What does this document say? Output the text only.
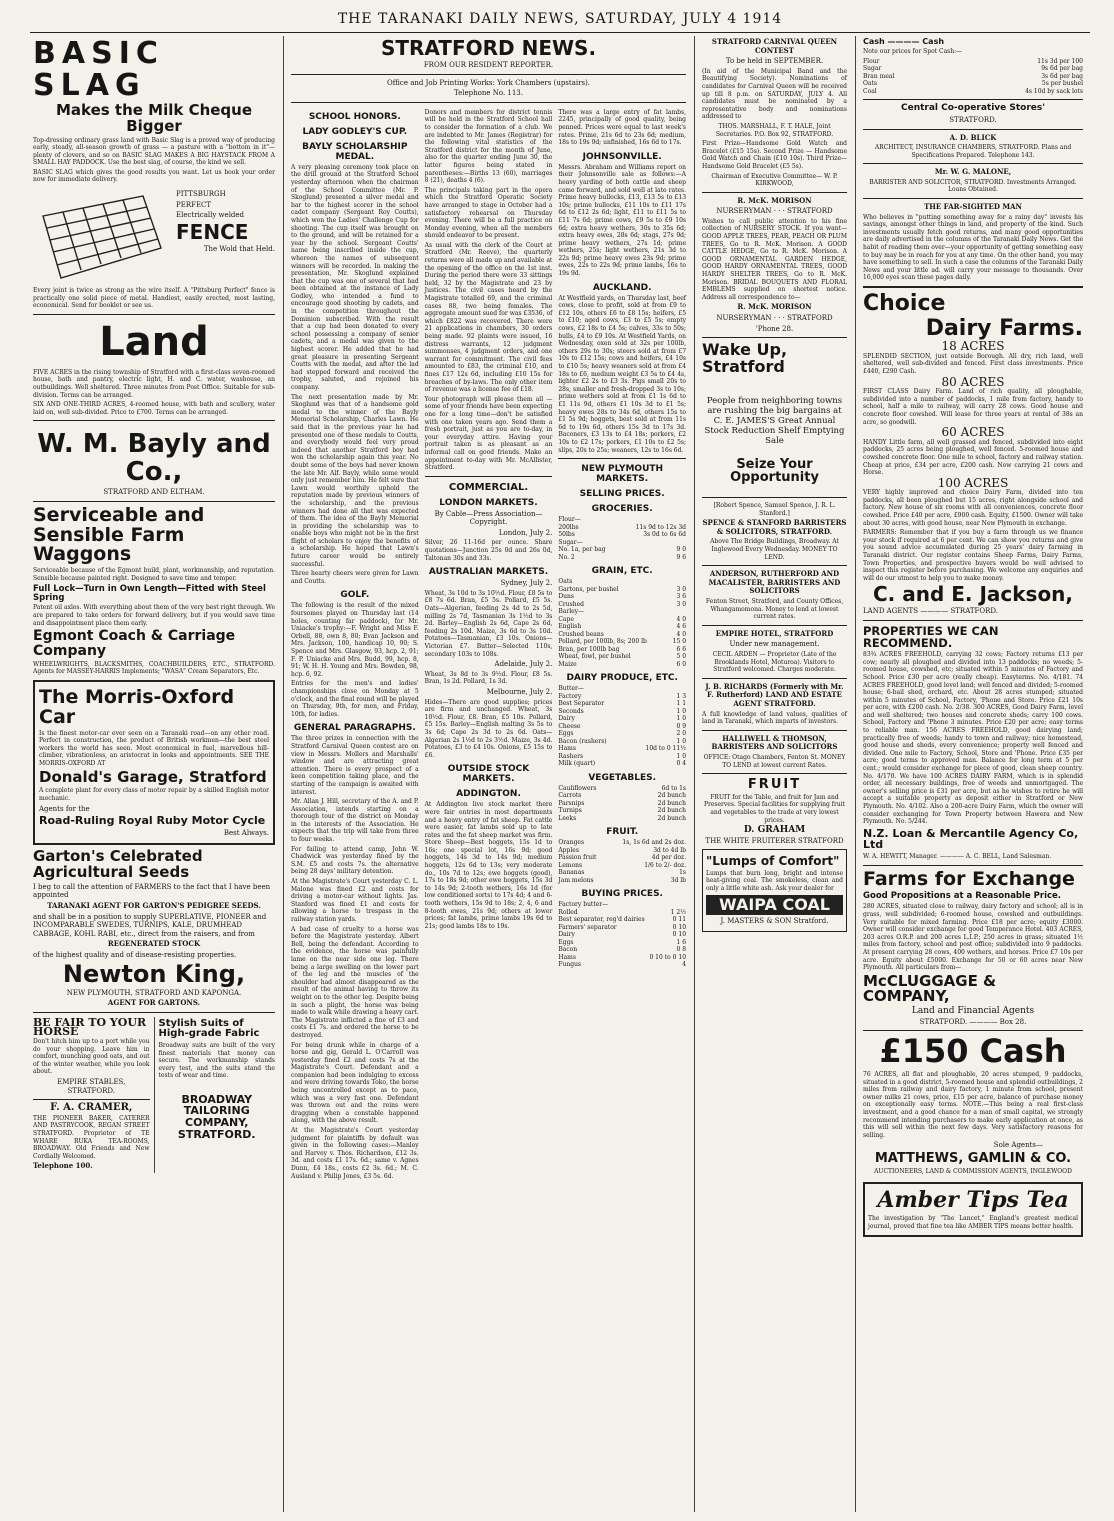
THE TARANAKI DAILY NEWS, SATURDAY, JULY 4 1914
BASIC SLAG
Makes the Milk Cheque Bigger

Top-dressing ordinary grass land with Basic Slag is a proved way of producing early, steady, all-season growth of grass — a pasture with a "bottom in it"—plenty of clovers, and so on BASIC SLAG MAKES A BIG HAYSTACK FROM A SMALL HAY PADDOCK. Use the best slag, of course, the kind we sell.

BASIC SLAG which gives the good results you want. Let us book your order now for immediate delivery.

PITTSBURGH
PERFECT
Electrically welded
FENCE
The Wold that Held.

Every joint is twice as strong as the wire itself. A "Pittsburg Perfect" fence is practically one solid piece of metal. Handiest, easily erected, most lasting, economical. Send for booklet or see us.

Land

FIVE ACRES in the rising township of Stratford with a first-class seven-roomed house, bath and pantry, electric light, H. and C. water, washouse, an outbuildings. Well sheltered. Three minutes from Post Office. Suitable for sub-division. Terms can be arranged.

SIX AND ONE-THIRD ACRES, 4-roomed house, with bath and scullery, water laid on, well sub-divided. Price to £700. Terms can be arranged.

W. M. Bayly and Co.,
STRATFORD AND ELTHAM.
Serviceable and Sensible Farm Waggons

Serviceable because of the Egmont build, plant, workmanship, and reputation. Sensible because painted right. Designed to save time and temper.

Full Lock—Turn in Own Length—Fitted with Steel Spring

Patent oil axles. With everything about them of the very best right through. We are prepared to take orders for forward delivery, but if you would save time and disappointment place them early.

Egmont Coach & Carriage Company

WHEELWRIGHTS, BLACKSMITHS, COACHBUILDERS, ETC., STRATFORD. Agents for MASSEY-HARRIS Implements; "WASA" Cream Separators, Etc.

The Morris-Oxford Car

Is the finest motor-car ever seen on a Taranaki road—on any other road. Perfect in construction, the product of British workmen—the best steel workers the world has seen. Most economical in fuel, marvellous hill-climber, vibrationless, an aristocrat in looks and appointments. SEE THE MORRIS-OXFORD AT

Donald's Garage, Stratford

A complete plant for every class of motor repair by a skilled English motor mechanic.

Agents for the
Road-Ruling Royal Ruby Motor Cycle
Best Always.
Garton's Celebrated Agricultural Seeds

I beg to call the attention of FARMERS to the fact that I have been appointed

TARANAKI AGENT FOR GARTON'S PEDIGREE SEEDS.

and shall be in a position to supply SUPERLATIVE, PIONEER and INCOMPARABLE SWEDES, TURNIPS, KALE, DRUMHEAD CABBAGE, KOHL RABI, etc., direct from the raisers, and from

REGENERATED STOCK

of the highest quality and of disease-resisting properties.

Newton King,
NEW PLYMOUTH, STRATFORD AND KAPONGA.
AGENT FOR GARTONS.
BE FAIR TO YOUR HORSE

Don't hitch him up to a port while you do your shopping. Leave him in comfort, munching good oats, and out of the winter weather, while you look about.

EMPIRE STABLES, STRATFORD.
F. A. CRAMER,

THE PIONEER BAKER, CATERER AND PASTRYCOOK, REGAN STREET STRATFORD. Proprietor of TE WHARE RUKA TEA-ROOMS, BROADWAY. Old Friends and New Cordially Welcomed.

Telephone 100.
Stylish Suits of High-grade Fabric

Broadway suits are built of the very finest materials that money can secure. The workmanship stands every test, and the suits stand the tests of wear and time.

BROADWAY TAILORING COMPANY, STRATFORD.
STRATFORD NEWS.
FROM OUR RESIDENT REPORTER.
Office and Job Printing Works: York Chambers (upstairs).
Telephone No. 113.
SCHOOL HONORS.
LADY GODLEY'S CUP.
BAYLY SCHOLARSHIP MEDAL.

A very pleasing ceremony took place on the drill ground at the Stratford School yesterday afternoon when the chairman of the School Committee (Mr. P. Skoglund) presented a silver medal and bar to the highest scorer in the school cadet company (Sergeant Roy Coutts), which won the Ladies' Challenge Cup for shooting. The cup itself was brought on to the ground, and will be retained for a year by the school. Sergeant Coutts' name being inscribed inside the cup, whereon the names of subsequent winners will be recorded. In making the presentation, Mr. Skoglund explained that the cup was one of several that had been obtained at the instance of Lady Godley, who intended a fund to encourage good shooting by cadets, and in the competition throughout the Dominion subscribed. With the result that a cup had been donated to every school possessing a company of senior cadets, and a medal was given to the highest scorer. He added that he had great pleasure in presenting Sergeant Coutts with the medal, and after the lad had stepped forward and received the trophy, saluted, and rejoined his company.

The next presentation made by Mr. Skoglund was that of a handsome gold medal to the winner of the Bayly Memorial Scholarship, Charles Lawn. He said that in the previous year he had presented one of these medals to Coutts, and everybody would feel very proud indeed that another Stratford boy had won the scholarship again this year. No doubt some of the boys had never known the late Mr. Alf. Bayly, while some would only just remember him. He felt sure that Lawn would worthily uphold the reputation made by previous winners of the scholarship, and the previous winners had done all that was expected of them. The idea of the Bayly Memorial in providing the scholarship was to enable boys who might not be in the first flight of scholars to enjoy the benefits of a scholarship. He hoped that Lawn's future career would be entirely successful.

Three hearty cheers were given for Lawn and Coutts.

GOLF.

The following is the result of the mixed foursomes played on Thursday last (14 holes, counting far paddock), for Mr. Uniacke's trophy:—F. Wright and Miss F. Orbell, 88, own 8, 80; Evan Jackson and Mrs. Jackson, 100, handicap 10, 90; S. Spence and Mrs. Glasgow, 93, hcp. 2, 91; F. P. Uniacke and Mrs. Budd, 99, hcp. 8, 91; W. H. H. Young and Mrs. Bowden, 98, hcp. 6, 92.

Entries for the men's and ladies' championships close on Monday at 5 o'clock, and the final round will be played on Thursday, 9th, for men, and Friday, 10th, for ladies.

GENERAL PARAGRAPHS.

The three prizes in connection with the Stratford Carnival Queen contest are on view in Messrs. Mollers and Marshalls' window and are attracting great attention. There is every prospect of a keen competition taking place, and the starting of the campaign is awaited with interest.

Mr. Allan J. Hill, secretary of the A. and P. Association, intends starting on a thorough tour of the district on Monday in the interests of the Association. He expects that the trip will take from three to four weeks.

For failing to attend camp, John W. Chadwick was yesterday fined by the S.M. £5 and costs 7s. the alternative being 28 days' military detention.

At the Magistrate's Court yesterday C. L. Malone was fined £2 and costs for driving a motor-car without lights. Jas. Stanford was fined £1 and costs for allowing a horse to trespass in the railway station yards.

A bad case of cruelty to a horse was before the Magistrate yesterday. Albert Bell, being the defendant. According to the evidence, the horse was painfully lame on the near side one leg. There being a large swelling on the lower part of the leg and the muscles of the shoulder had almost disappeared as the result of the animal having to throw its weight on to the other leg. Despite being in such a plight, the horse was being made to walk while drawing a heavy cart. The Magistrate inflicted a fine of £3 and costs £1 7s. and ordered the horse to be destroyed.

For being drunk while in charge of a horse and gig, Gerald L. O'Carroll was yesterday fined £2 and costs 7s at the Magistrate's Court. Defendant and a companion had been indulging to excess and were driving towards Toko, the horse being uncontrolled except as to pace, which was a very fast one. Defendant was thrown out and the reins were dragging when a constable happened along, with the above result.

At the Magistrate's Court yesterday judgment for plaintiffs by default was given in the following cases:—Manley and Harvey v. Thos. Richardson, £12 3s. 3d. and costs £1 17s. 6d.; same v. Agnes Dunn, £4 18s., costs £2 3s. 6d.; M. C. Ausland v. Philip Jones, £3 5s. 6d.

Donors and members for district tennis will be held in the Stratford School hall to consider the formation of a club. We are indebted to Mr. James (Registrar) for the following vital statistics of the Stratford district for the month of June, also for the quarter ending June 30, the latter figures being stated in parentheses:—Births 13 (60), marriages 8 (21), deaths 4 (6).

The principals taking part in the opera which the Stratford Operatic Society have arranged to stage in October had a satisfactory rehearsal on Thursday evening. There will be a full practice on Monday evening, when all the members should endeavor to be present.

As usual with the clerk of the Court at Stratford (Mr. Reeve), the quarterly returns were all made up and available at the opening of the office on the 1st inst. During the period there were 33 sittings held, 32 by the Magistrate and 23 by Justices. The civil cases heard by the Magistrate totalled 69, and the criminal cases 88, two being females. The aggregate amount sued for was £3536, of which £822 was recovered. There were 21 applications in chambers, 30 orders being made. 92 plaints were issued, 16 distress warrants, 12 judgment summonses, 4 judgment orders, and one warrant for commitment. The civil fees amounted to £83, the criminal £10, and fines £17 12s 6d, including £10 15s for breaches of by-laws. The only other item of revenue was a license fee of £18.

Your photograph will please them all —some of your friends have been expecting one for a long time—don't be satisfied with one taken years ago. Send them a fresh portrait, just as you are to-day, in your everyday attire. Having your portrait taken is as pleasant as an informal call on good friends. Make an appointment to-day with Mr. McAllister, Stratford.

COMMERCIAL.
LONDON MARKETS.
By Cable—Press Association—Copyright.
London, July 2.

Silver, 26 11-16d per ounce. Share quotations—Junction 25s 0d and 26s 0d, Taltonan 30s and 33s.

AUSTRALIAN MARKETS.
Sydney, July 2.

Wheat, 3s 10d to 3s 10½d. Flour, £8 5s to £8 7s 6d. Bran, £5 5s. Pollard, £5 5s. Oats—Algerian, feeding 2s 4d to 2s 5d, milling 2s 7d, Tasmanian 3s 1½d to 3s 2d. Barley—English 2s 6d, Cape 2s 6d, feeding 2s 10d. Maize, 3s 6d to 3s 10d. Potatoes—Tasmanian, £3 10s. Onions—Victorian £7. Butter—Selected 110s, secondary 103s to 108s.

Adelaide, July 2.

Wheat, 3s 8d to 3s 9½d. Flour, £8 5s. Bran, 1s 2d. Pollard, 1s 3d.

Melbourne, July 2.

Hides—There are good supplies; prices are firm and unchanged. Wheat, 3s 10½d. Flour, £8. Bran, £5 10s. Pollard, £5 15s. Barley—English malting 3s 5s to 3s 6d; Cape 2s 3d to 2s 6d. Oats—Algerian 2s 1½d to 2s 3½d. Maize, 3s 4d. Potatoes, £3 to £4 10s. Onions, £5 15s to £6.

OUTSIDE STOCK MARKETS.
ADDINGTON.

At Addington live stock market there were fair entries in most departments and a heavy entry of fat sheep. Fat cattle were easier, fat lambs sold up to late rates and the fat sheep market was firm. Store Sheep—Best hoggets, 15s 1d to 16s; one special lot, 16s 9d; good hoggets, 14s 3d to 14s 9d; medium hoggets, 12s 6d to 13s; very moderate do., 10s 7d to 12s; ewe hoggets (good), 17s to 18s 9d; other ewe hoggets, 15s 3d to 14s 9d; 2-tooth wethers, 16s 1d (for low conditioned sorts) to 17s 4d; 4 and 6-tooth wethers, 15s 9d to 18s; 2, 4, 6 and 8-tooth ewes, 21s 9d; others at lower prices; fat lambs, prime lambs 19s 6d to 21s; good lambs 18s to 19s.

There was a large entry of fat lambs, 2245, principally of good quality, being penned. Prices were equal to last week's rates. Prime, 21s 6d to 23s 6d; medium, 18s to 19s 9d; unfinished, 16s 6d to 17s.

JOHNSONVILLE.

Messrs. Abraham and Williams report on their Johnsonville sale as follows:—A heavy yarding of both cattle and sheep came forward, and sold well at late rates. Prime heavy bullocks, £13, £13 5s to £13 10s; prime bullocks, £11 10s to £11 17s 6d to £12 2s 6d; light, £11 to £11 5s to £11 7s 6d; prime cows, £9 5s to £9 10s 6d; extra heavy wethers, 30s to 35s 6d; extra heavy ewes, 28s 6d; stags, 27s 9d; prime heavy wethers, 27s 1d; prime wethers, 25s; light wethers, 21s 3d to 22s 9d; prime heavy ewes 23s 9d; prime ewes, 22s to 22s 9d; prime lambs, 16s to 19s 9d.

AUCKLAND.

At Westfield yards, on Thursday last, beef cows, close to profit, sold at from £9 to £12 10s, others £6 to £8 15s; heifers, £5 to £10; aged cows, £3 to £5 5s; empty cows, £2 18s to £4 5s; calves, 33s to 50s; bulls, £4 to £9 10s. At Westfield Yards, on Wednesday, oxen sold at 32s per 100lb, others 29s to 30s; steers sold at from £7 10s to £12 15s; cows and heifers, £4 10s to £10 5s; heavy weaners sold at from £4 18s to £6, medium weight £3 5s to £4 4s, lighter £2 2s to £3 3s. Pigs small 20s to 28s, smaller and fresh-dropped 3s to 10s; prime wethers sold at from £1 1s 6d to £1 11s 9d, others £1 10s 3d to £1 5s; heavy ewes 28s to 34s 6d, others 15s to £1 5s 9d; hoggets, best sold at from 11s 6d to 19s 6d, others 15s 3d to 17s 3d. Baconers, £3 13s to £4 18s; porkers, £2 10s to £2 17s; porkers, £1 10s to £2 5s; slips, 20s to 25s; weaners, 12s to 16s 6d.

NEW PLYMOUTH MARKETS.
SELLING PRICES.
GROCERIES.
Flour—
200lbs	11s 9d to 12s 3d
50lbs	3s 0d to 6s 6d
Sugar—
No. 1a, per bag	9 0
No. 2	9 6
GRAIN, ETC.
Oats
Gartons, per bushel	3 0
Duns	3 6
Crushed	3 0
Barley—
Cape	4 0
English	4 6
Crushed beans	4 0
Pollard, per 100lb, 8s; 200 lb	15 0
Bran, per 100lb bag	6 6
Wheat, fowl, per bushel	5 0
Maize	6 0
DAIRY PRODUCE, ETC.
Butter—
Factory	1 3
Best Separator	1 1
Seconds	1 0
Dairy	1 0
Cheese	0 9
Eggs	2 0
Bacon (rashers)	1 0
Hams	10d to 0 11½
Rashers	1 0
Milk (quart)	0 4
VEGETABLES.
Cauliflowers	6d to 1s
Carrots	2d bunch
Parsnips	2d bunch
Turnips	2d bunch
Leeks	2d bunch
FRUIT.
Oranges	1s, 1s 6d and 2s doz.
Apples	3d to 4d lb
Passion fruit	4d per doz.
Lemons	1/6 to 2/- doz.
Bananas	1s
Jam melons	3d lb
BUYING PRICES.
Factory butter—
Rolled	1 2½
Best separator, reg'd dairies	0 11
Farmers' separator	0 10
Dairy	0 10
Eggs	1 6
Bacon	0 8
Hams	0 10 to 0 10
Fungus	4
STRATFORD CARNIVAL QUEEN CONTEST
To be held in SEPTEMBER.

(In aid of the Municipal Band and the Beautifying Society). Nominations of candidates for Carnival Queen will be received up till 8 p.m. on SATURDAY, JULY 4. All candidates must be nominated by a representative body and nominations addressed to

THOS. MARSHALL, F. T. HALE, Joint Secretaries. P.O. Box 92, STRATFORD.

First Prize—Handsome Gold Watch and Bracelet (£15 15s). Second Prize — Handsome Gold Watch and Chain (£10 10s). Third Prize—Handsome Gold Bracelet (£5 5s).

Chairman of Executive Committee— W. P. KIRKWOOD,

R. McK. MORISON
NURSERYMAN · · · STRATFORD

Wishes to call public attention to his fine collection of NURSERY STOCK. If you want— GOOD APPLE TREES, PEAR, PEACH OR PLUM TREES, Go to R. McK. Morison. A GOOD CATTLE HEDGE, Go to R. McK. Morison. A GOOD ORNAMENTAL GARDEN HEDGE, GOOD HARDY ORNAMENTAL TREES, GOOD HARDY SHELTER TREES, Go to R. McK. Morison. BRIDAL BOUQUETS AND FLORAL EMBLEMS supplied on shortest notice. Address all correspondence to—

R. McK. MORISON
NURSERYMAN · · · STRATFORD
'Phone 28.
Wake Up, Stratford

People from neighboring towns are rushing the big bargains at C. E. JAMES'S Great Annual Stock Reduction Shelf Emptying Sale

Seize Your Opportunity

[Robert Spence, Samuel Spence, J. R. L. Stanford.]

SPENCE & STANFORD BARRISTERS & SOLICITORS, STRATFORD.

Above The Bridge Buildings, Broadway. At Inglewood Every Wednesday. MONEY TO LEND.

ANDERSON, RUTHERFORD AND MACALISTER, BARRISTERS AND SOLICITORS

Fenton Street, Stratford, and County Offices, Whangamomona. Money to lend at lowest current rates.

EMPIRE HOTEL, STRATFORD
Under new management.

CECIL ARDEN — Proprietor (Late of the Brooklands Hotel, Moturoa). Visitors to Stratford welcomed. Charges moderate.

J. B. RICHARDS (Formerly with Mr. F. Rutherford) LAND AND ESTATE AGENT STRATFORD.

A full knowledge of land values, qualities of land in Taranaki, which imparts of investors.

HALLIWELL & THOMSON, BARRISTERS AND SOLICITORS

OFFICE: Otago Chambers, Fenton St. MONEY TO LEND at lowest current Rates.

FRUIT

FRUIT for the Table, and fruit for Jam and Preserves. Special facilities for supplying fruit and vegetables to the trade at very lowest prices.

D. GRAHAM
THE WHITE FRUITERER STRATFORD
"Lumps of Comfort"

Lumps that burn long, bright and intense heat-giving coal. The smokeless, clean and only a little white ash. Ask your dealer for

WAIPA COAL
J. MASTERS & SON Stratford.
Cash ———— Cash

Note our prices for Spot Cash:—

Flour	11s 3d per 100
Sugar	9s 6d per bag
Bran meal	3s 6d per bag
Oats	5s per bushel
Coal	4s 10d by sack lots
Central Co-operative Stores'
STRATFORD.
A. D. BLICK

ARCHITECT, INSURANCE CHAMBERS, STRATFORD. Plans and Specifications Prepared. Telephone 143.

Mr. W. G. MALONE,

BARRISTER AND SOLICITOR, STRATFORD. Investments Arranged. Loans Obtained.

THE FAR-SIGHTED MAN

Who believes in "putting something away for a rainy day" invests his savings, amongst other things in land, and property of the kind. Such investments usually fetch good returns, and many good opportunities are daily advertised in the columns of the Taranaki Daily News. Get the habit of reading them over—your opportunity of getting something easy to buy may be in reach for you at any time. On the other hand, you may have something to sell. In such a case the columns of the Taranaki Daily News and your little ad. will carry your message to thousands. Over 16,000 eyes scan these pages daily.

Choice
Dairy Farms.
18 ACRES

SPLENDID SECTION, just outside Borough. All dry, rich land, well sheltered, well sub-divided and fenced. First class investments. Price £440, £290 Cash.

80 ACRES

FIRST CLASS Dairy Farm. Land of rich quality, all ploughable, subdivided into a number of paddocks, 1 mile from factory, handy to school, half a mile to railway, will carry 28 cows. Good house and concrete floor cowshed. Will lease for three years at rental of 38s an acre, so goodwill.

60 ACRES

HANDY Little farm, all well grassed and fenced, subdivided into eight paddocks, 25 acres being ploughed, well fenced. 5-roomed house and cowshed concrete floor. One mile to school, factory and railway station. Cheap at price, £34 per acre, £200 cash. Now carrying 21 cows and Horse.

100 ACRES

VERY highly improved and choice Dairy Farm, divided into ten paddocks, all been ploughed but 15 acres, right alongside school and factory. New house of six rooms with all conveniences, concrete floor cowshed. Price £40 per acre, £900 cash. Equity, £1500. Owner will take about 30 acres, with good house, near New Plymouth in exchange.

FARMERS: Remember that if you buy a farm through us we finance your stock if required at 6 per cent. We can show you returns and give you sound advice accumulated during 25 years' dairy farming in Taranaki district. Our register contains Sheep Farms, Dairy Farms, Town Properties, and prospective buyers would be well advised to inspect this register before purchasing. We welcome any enquiries and will do our utmost to help you to make money.

C. and E. Jackson,
LAND AGENTS ———— STRATFORD.
PROPERTIES WE CAN RECOMMEND.

83¾ ACRES FREEHOLD, carrying 32 cows; Factory returns £13 per cow; nearly all ploughed and divided into 13 paddocks; no weeds; 5-roomed house, cowshed, etc; situated within 5 minutes of Factory and School. Price £30 per acre (really cheap). Easyterms. No. 4/181. 74 ACRES FREEHOLD, good level land; well fenced and divided; 5-roomed house; 6-bail shed, orchard, etc. About 28 acres stumped; situated within 5 minutes of School, Factory, 'Phone and Store. Price £21 10s per acre, with £200 cash. No. 2/38. 300 ACRES, Good Dairy Farm, level and well sheltered; two houses and concrete sheds; carry 100 cows. School, Factory and 'Phone 3 minutes. Price £20 per acre; easy terms to reliable man. 156 ACRES FREEHOLD, good dairying land; practically free of weeds; handy to town and railway; nice homestead, good house and sheds, every convenience; property well fenced and divided. One mile to Factory, School, Store and 'Phone. Price £35 per acre; good terms to approved man. Balance for long term at 5 per cent.; would consider exchange for piece of good, clean sheep country. No. 4/170. We have 100 ACRES DAIRY FARM, which is in splendid order, all necessary buildings, free of weeds and unmortgaged. The owner's selling price is £31 per acre, but as he wishes to retire he will accept a suitable property as deposit either in Stratford or New Plymouth. No. 4/102. Also a 200-acre Dairy Farm, which the owner will consider exchanging for Town Property between Hawera and New Plymouth. No. 5/244.

N.Z. Loan & Mercantile Agency Co, Ltd
W. A. HEWITT, Manager. ———— A. C. BELL, Land Salesman.
Farms for Exchange
Good Propositions at a Reasonable Price.

280 ACRES, situated close to railway, dairy factory and school; all is in grass, well subdivided; 6-roomed house, cowshed and outbuildings. Very suitable for mixed farming. Price £18 per acre; equity £3000. Owner will consider exchange for good Temperance Hotel. 403 ACRES, 203 acres O.R.P. and 200 acres L.I.P.; 250 acres in grass; situated 1½ miles from factory, school and post office; subdivided into 9 paddocks. At present carrying 28 cows, 400 wethers, and horses. Price £7 10s per acre. Equity about £5000. Exchange for 50 or 60 acres near New Plymouth. All particulars from—

McCLUGGAGE & COMPANY,
Land and Financial Agents
STRATFORD. ———— Box 28.
£150 Cash

76 ACRES, all flat and ploughable, 20 acres stumped, 9 paddocks, situated in a good district, 5-roomed house and splendid outbuildings, 2 miles from railway and dairy factory, 1 minute from school, present owner milks 21 cows, price, £15 per acre, balance of purchase money on exceptionally easy terms. NOTE.—This being a real first-class investment, and a good chance for a man of small capital, we strongly recommend intending purchasers to make early application at once, as this will sell within the next few days. Very satisfactory reasons for selling.

Sole Agents—
MATTHEWS, GAMLIN & CO.
AUCTIONEERS, LAND & COMMISSION AGENTS, INGLEWOOD
Amber Tips Tea

The investigation by "The Lancet," England's greatest medical journal, proved that fine tea like AMBER TIPS means better health.
